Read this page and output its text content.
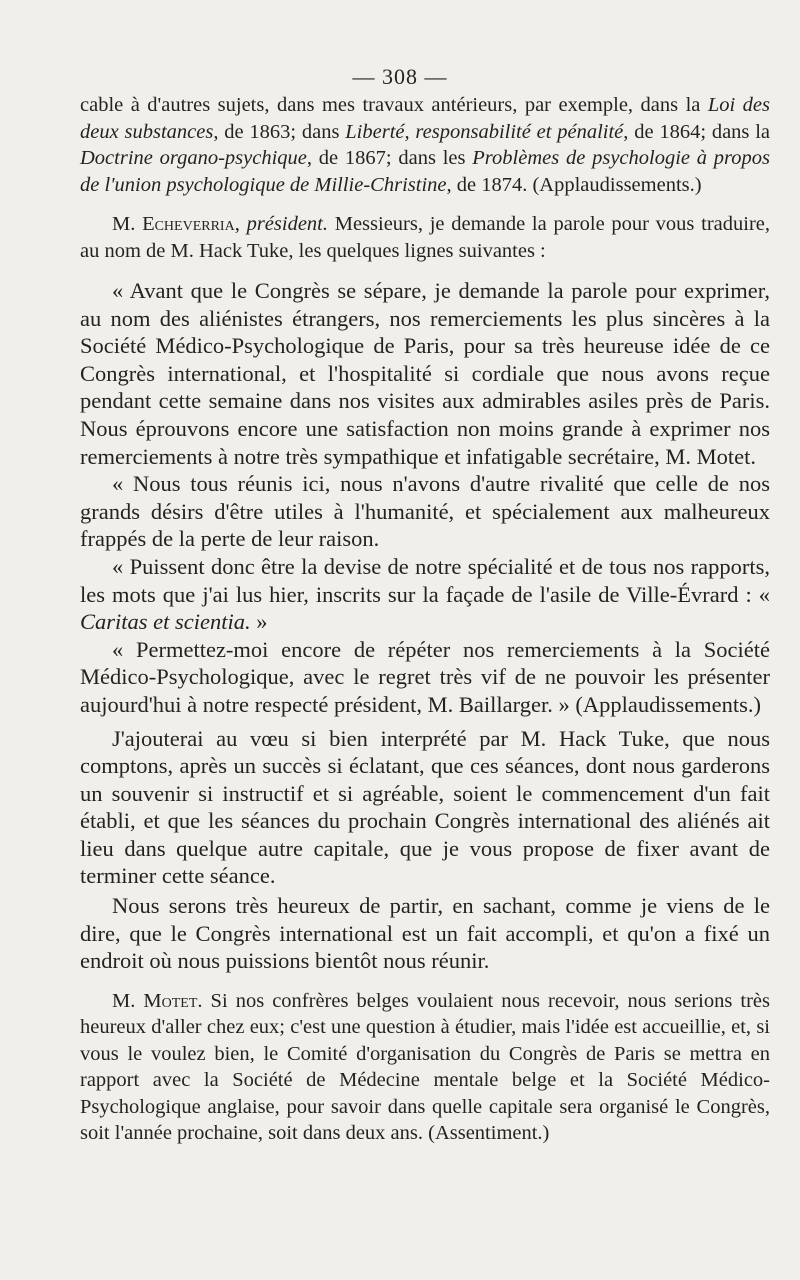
— 308 —

cable à d'autres sujets, dans mes travaux antérieurs, par exemple, dans la Loi des deux substances, de 1863; dans Liberté, responsabilité et pénalité, de 1864; dans la Doctrine organo-psychique, de 1867; dans les Problèmes de psychologie à propos de l'union psychologique de Millie-Christine, de 1874. (Applaudissements.)

M. Echeverria, président. Messieurs, je demande la parole pour vous traduire, au nom de M. Hack Tuke, les quelques lignes suivantes :

« Avant que le Congrès se sépare, je demande la parole pour exprimer, au nom des aliénistes étrangers, nos remerciements les plus sincères à la Société Médico-Psychologique de Paris, pour sa très heureuse idée de ce Congrès international, et l'hospitalité si cordiale que nous avons reçue pendant cette semaine dans nos visites aux admirables asiles près de Paris. Nous éprouvons encore une satisfaction non moins grande à exprimer nos remerciements à notre très sympathique et infatigable secrétaire, M. Motet.

« Nous tous réunis ici, nous n'avons d'autre rivalité que celle de nos grands désirs d'être utiles à l'humanité, et spécialement aux malheureux frappés de la perte de leur raison.

« Puissent donc être la devise de notre spécialité et de tous nos rapports, les mots que j'ai lus hier, inscrits sur la façade de l'asile de Ville-Évrard : « Caritas et scientia. »

« Permettez-moi encore de répéter nos remerciements à la Société Médico-Psychologique, avec le regret très vif de ne pouvoir les présenter aujourd'hui à notre respecté président, M. Baillarger. » (Applaudissements.)

J'ajouterai au vœu si bien interprété par M. Hack Tuke, que nous comptons, après un succès si éclatant, que ces séances, dont nous garderons un souvenir si instructif et si agréable, soient le commencement d'un fait établi, et que les séances du prochain Congrès international des aliénés ait lieu dans quelque autre capitale, que je vous propose de fixer avant de terminer cette séance.

Nous serons très heureux de partir, en sachant, comme je viens de le dire, que le Congrès international est un fait accompli, et qu'on a fixé un endroit où nous puissions bientôt nous réunir.

M. Motet. Si nos confrères belges voulaient nous recevoir, nous serions très heureux d'aller chez eux; c'est une question à étudier, mais l'idée est accueillie, et, si vous le voulez bien, le Comité d'organisation du Congrès de Paris se mettra en rapport avec la Société de Médecine mentale belge et la Société Médico-Psychologique anglaise, pour savoir dans quelle capitale sera organisé le Congrès, soit l'année prochaine, soit dans deux ans. (Assentiment.)
